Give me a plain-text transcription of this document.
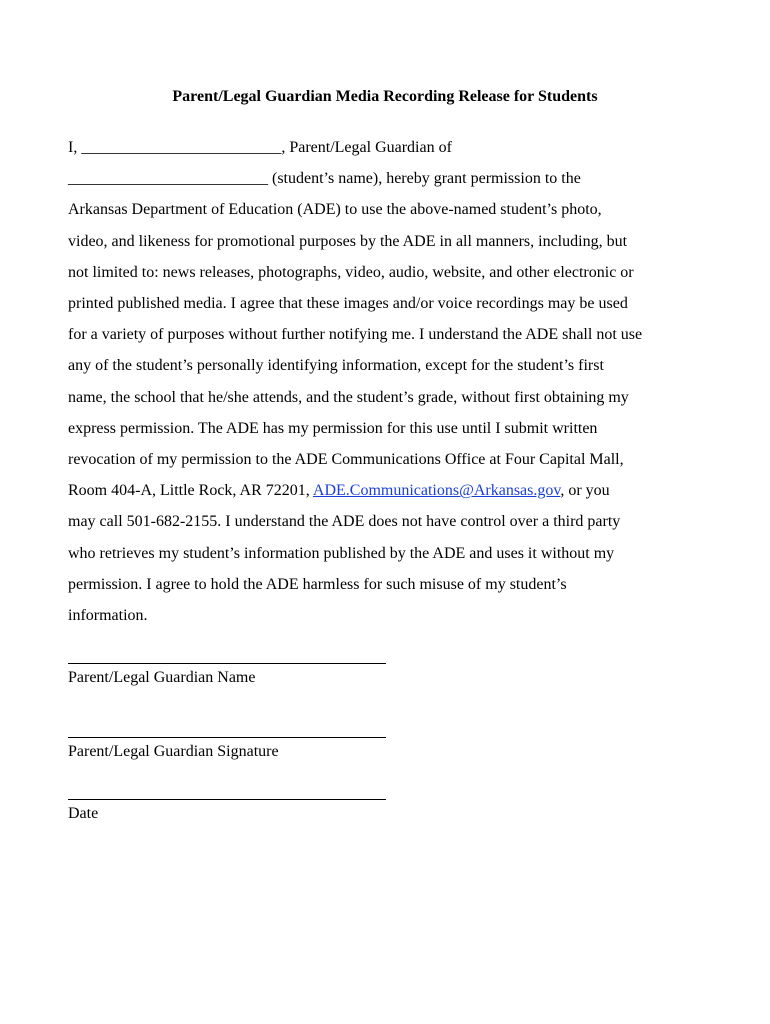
Parent/Legal Guardian Media Recording Release for Students
I, _________________________, Parent/Legal Guardian of
_________________________ (student’s name), hereby grant permission to the
Arkansas Department of Education (ADE) to use the above-named student’s photo,
video, and likeness for promotional purposes by the ADE in all manners, including, but
not limited to: news releases, photographs, video, audio, website, and other electronic or
printed published media. I agree that these images and/or voice recordings may be used
for a variety of purposes without further notifying me. I understand the ADE shall not use
any of the student’s personally identifying information, except for the student’s first
name, the school that he/she attends, and the student’s grade, without first obtaining my
express permission. The ADE has my permission for this use until I submit written
revocation of my permission to the ADE Communications Office at Four Capital Mall,
Room 404-A, Little Rock, AR 72201, ADE.Communications@Arkansas.gov, or you
may call 501-682-2155. I understand the ADE does not have control over a third party
who retrieves my student’s information published by the ADE and uses it without my
permission. I agree to hold the ADE harmless for such misuse of my student’s
information.
Parent/Legal Guardian Name
Parent/Legal Guardian Signature
Date
